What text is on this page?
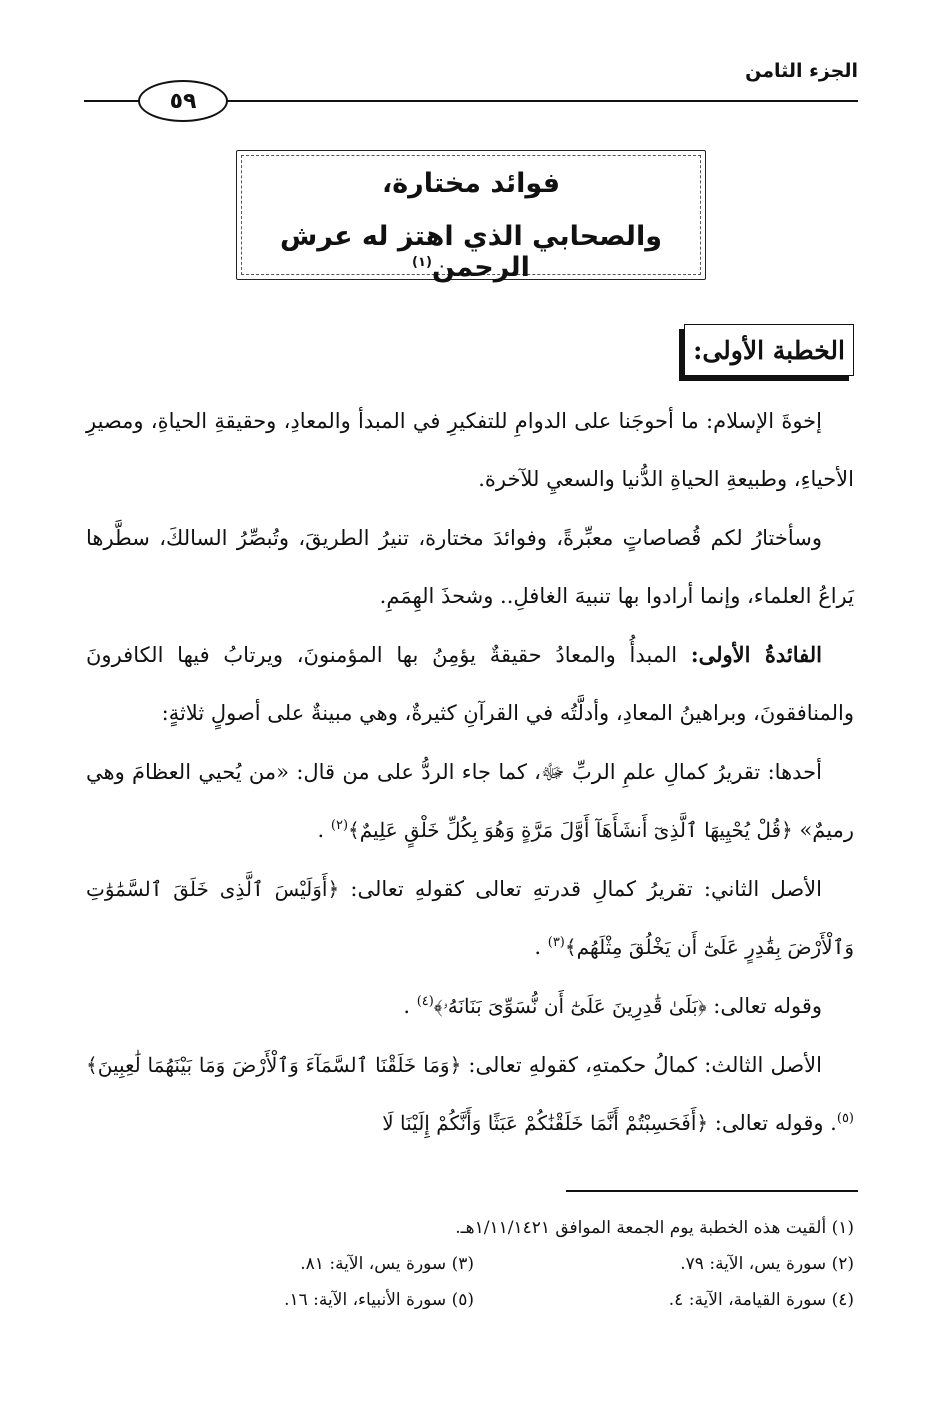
الجزء الثامن
٥٩
فوائد مختارة،
والصحابي الذي اهتز له عرش الرحمن$^{(١)}$
الخطبة الأولى:

إخوةَ الإسلام: ما أحوجَنا على الدوامِ للتفكيرِ في المبدأ والمعادِ، وحقيقةِ الحياةِ، ومصيرِ الأحياءِ، وطبيعةِ الحياةِ الدُّنيا والسعيِ للآخرة.

وسأختارُ لكم قُصاصاتٍ معبِّرةً، وفوائدَ مختارة، تنيرُ الطريقَ، وتُبصِّرُ السالكَ، سطَّرها يَراعُ العلماء، وإنما أرادوا بها تنبيهَ الغافلِ.. وشحذَ الهِمَمِ.

الفائدةُ الأولى: المبدأُ والمعادُ حقيقةٌ يؤمِنُ بها المؤمنونَ، ويرتابُ فيها الكافرونَ والمنافقونَ، وبراهينُ المعادِ، وأدلَّتُه في القرآنِ كثيرةٌ، وهي مبينةٌ على أصولٍ ثلاثةٍ:

أحدها: تقريرُ كمالِ علمِ الربِّ ﷻ، كما جاء الردُّ على من قال: «من يُحيي العظامَ وهي رميمٌ» ﴿قُلْ يُحْيِيهَا ٱلَّذِىٓ أَنشَأَهَآ أَوَّلَ مَرَّةٍ وَهُوَ بِكُلِّ خَلْقٍ عَلِيمٌ﴾$^{(٢)}$ .

الأصل الثاني: تقريرُ كمالِ قدرتهِ تعالى كقولهِ تعالى: ﴿أَوَلَيْسَ ٱلَّذِى خَلَقَ ٱلسَّمَٰوَٰتِ وَٱلْأَرْضَ بِقَٰدِرٍ عَلَىٰٓ أَن يَخْلُقَ مِثْلَهُم﴾$^{(٣)}$ .

وقوله تعالى: ﴿بَلَىٰ قَٰدِرِينَ عَلَىٰٓ أَن نُّسَوِّىَ بَنَانَهُۥ﴾$^{(٤)}$ .

الأصل الثالث: كمالُ حكمتهِ، كقولهِ تعالى: ﴿وَمَا خَلَقْنَا ٱلسَّمَآءَ وَٱلْأَرْضَ وَمَا بَيْنَهُمَا لَٰعِبِينَ﴾$^{(٥)}$. وقوله تعالى: ﴿أَفَحَسِبْتُمْ أَنَّمَا خَلَقْنَٰكُمْ عَبَثًا وَأَنَّكُمْ إِلَيْنَا لَا

(١) ألقيت هذه الخطبة يوم الجمعة الموافق ١/١١/١٤٢١هـ.
(٢) سورة يس، الآية: ٧٩.
(٣) سورة يس، الآية: ٨١.
(٤) سورة القيامة، الآية: ٤.
(٥) سورة الأنبياء، الآية: ١٦.
